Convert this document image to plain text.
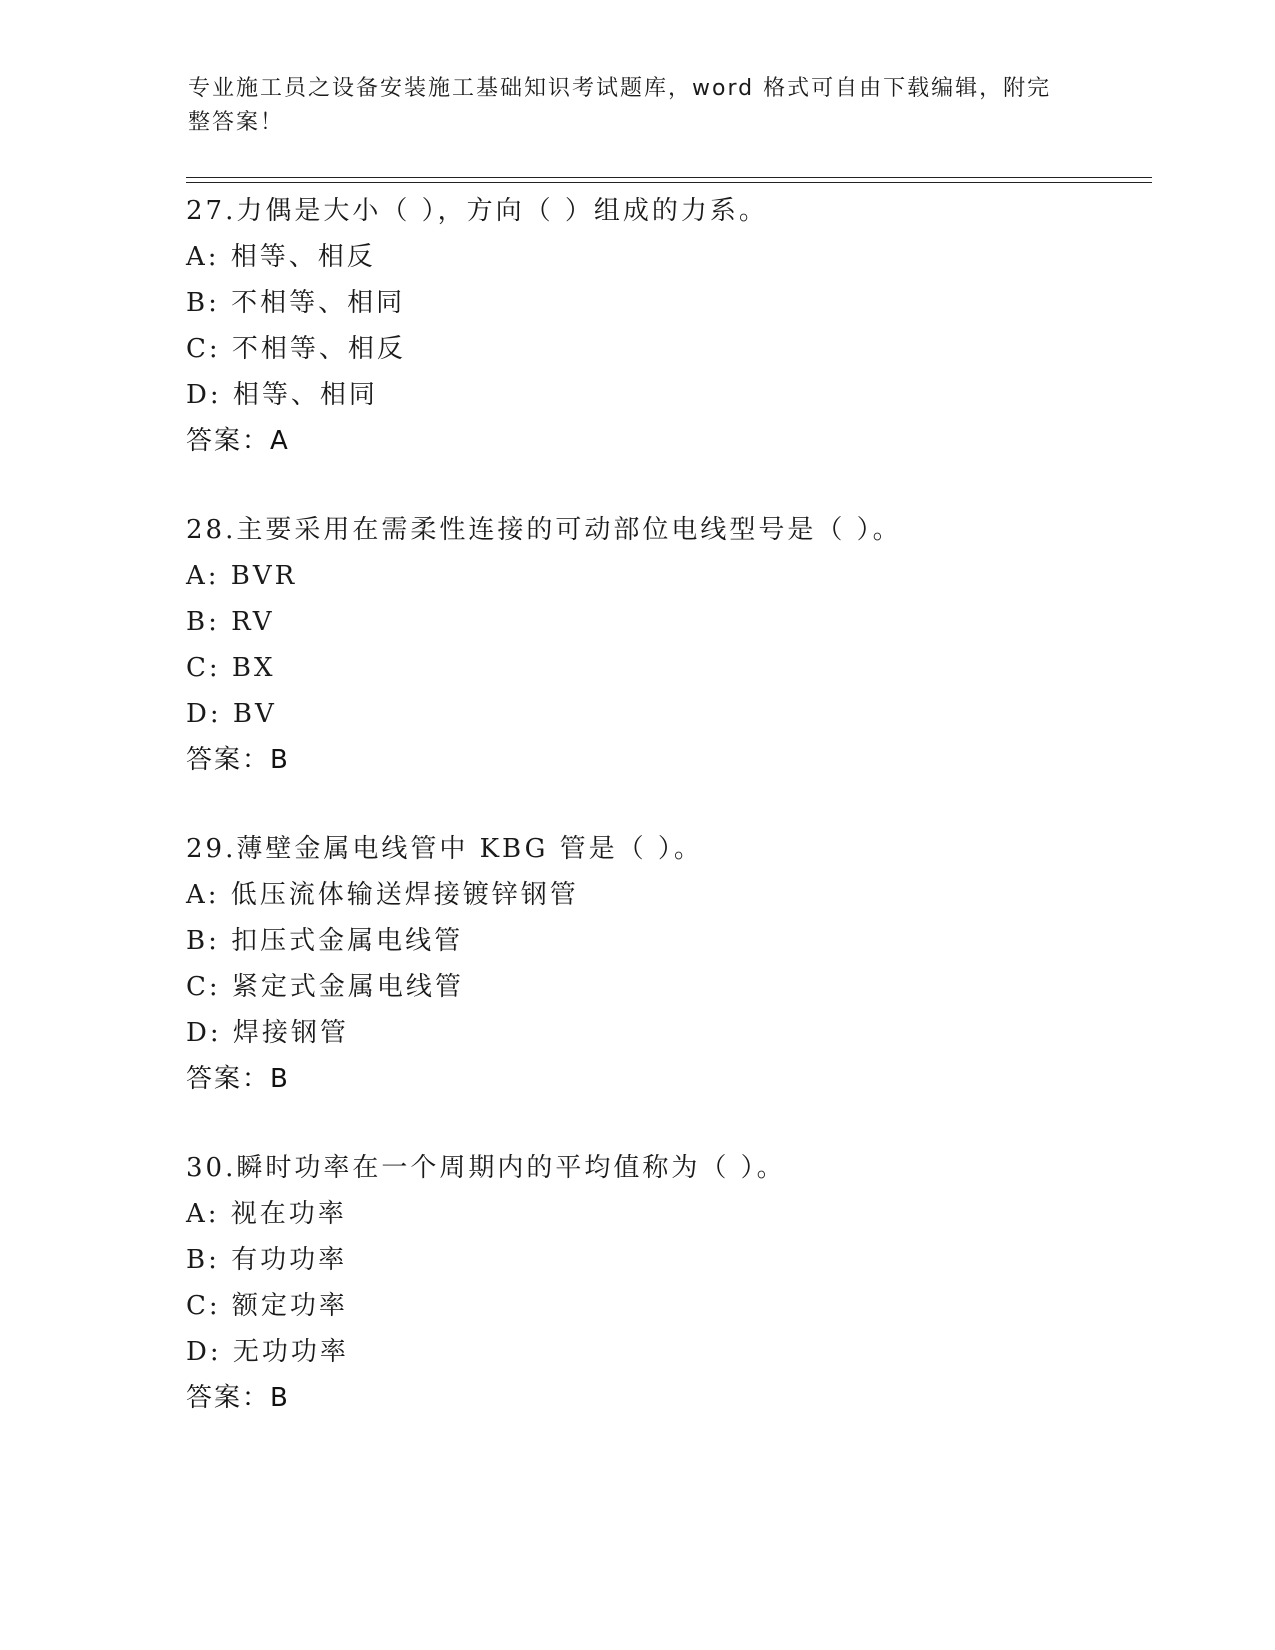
专业施工员之设备安装施工基础知识考试题库，word 格式可自由下载编辑，附完整答案！
27.力偶是大小（ ），方向（ ）组成的力系。
A: 相等、相反
B: 不相等、相同
C: 不相等、相反
D: 相等、相同
答案：A
28.主要采用在需柔性连接的可动部位电线型号是（ ）。
A: BVR
B: RV
C: BX
D: BV
答案：B
29.薄壁金属电线管中 KBG 管是（ ）。
A: 低压流体输送焊接镀锌钢管
B: 扣压式金属电线管
C: 紧定式金属电线管
D: 焊接钢管
答案：B
30.瞬时功率在一个周期内的平均值称为（ ）。
A: 视在功率
B: 有功功率
C: 额定功率
D: 无功功率
答案：B
